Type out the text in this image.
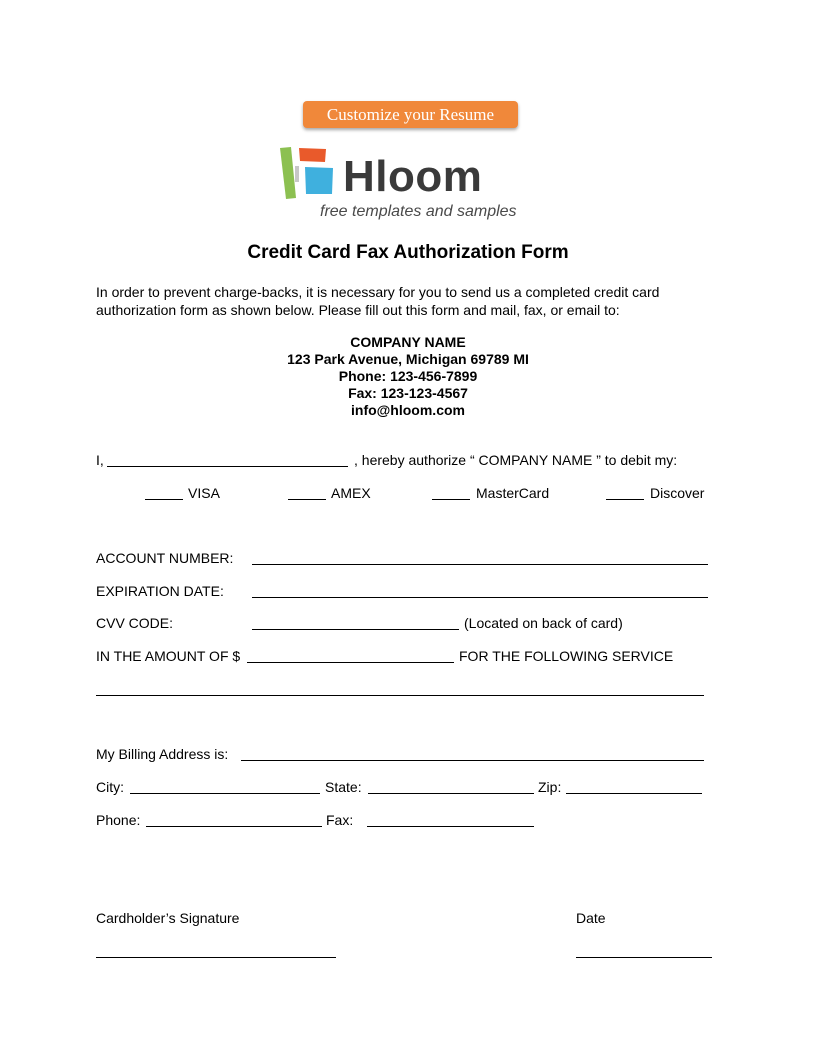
Customize your Resume
Hloom
free templates and samples
Credit Card Fax Authorization Form
In order to prevent charge-backs, it is necessary for you to send us a completed credit card
authorization form as shown below. Please fill out this form and mail, fax, or email to:
COMPANY NAME
123 Park Avenue, Michigan 69789 MI
Phone: 123-456-7899
Fax: 123-123-4567
info@hloom.com
I,	, hereby authorize “ COMPANY NAME ” to debit my:
VISA	AMEX	MasterCard	Discover
ACCOUNT NUMBER:
EXPIRATION DATE:
CVV CODE:	(Located on back of card)
IN THE AMOUNT OF $	FOR THE FOLLOWING SERVICE
My Billing Address is:
City:	State:	Zip:
Phone:	Fax:
Cardholder’s Signature	Date
